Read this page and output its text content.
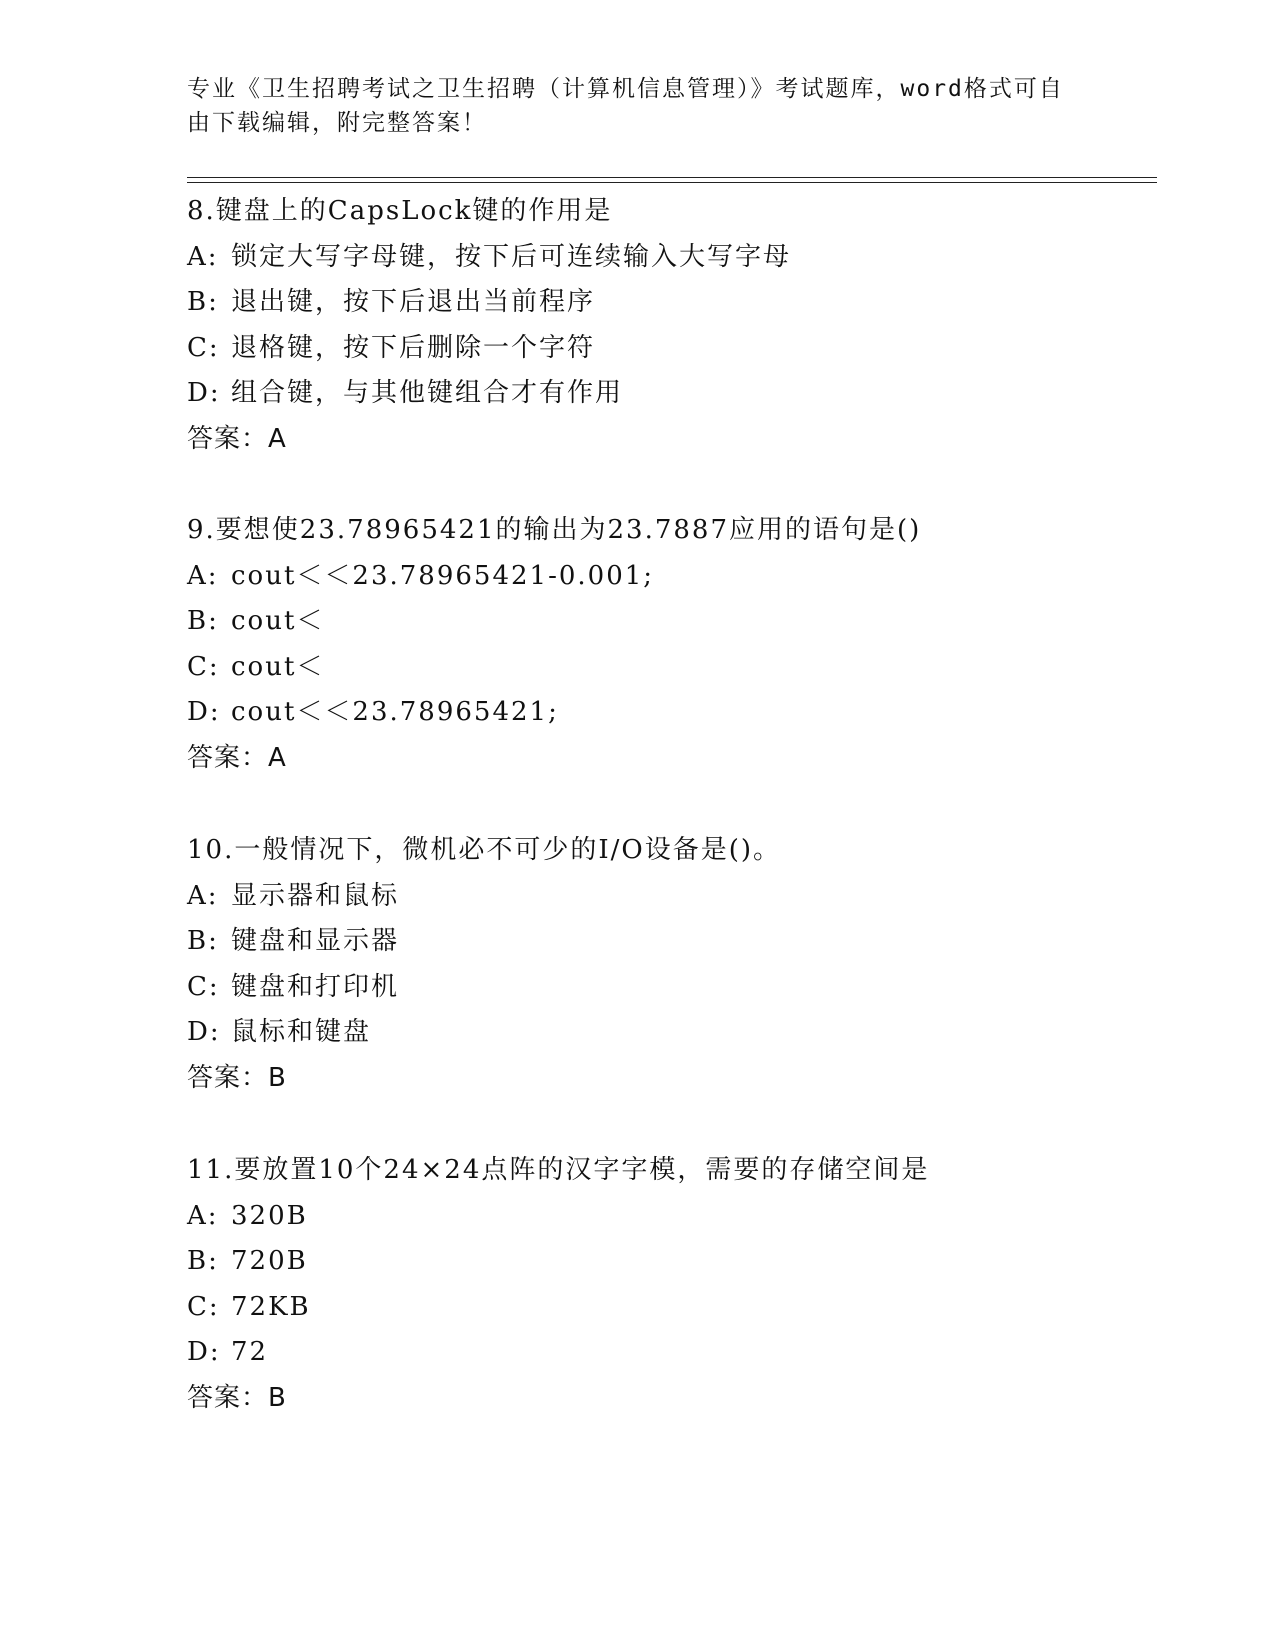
专业《卫生招聘考试之卫生招聘（计算机信息管理）》考试题库，word格式可自
由下载编辑，附完整答案！
8.键盘上的CapsLock键的作用是
A: 锁定大写字母键，按下后可连续输入大写字母
B: 退出键，按下后退出当前程序
C: 退格键，按下后删除一个字符
D: 组合键，与其他键组合才有作用
答案：A
9.要想使23.78965421的输出为23.7887应用的语句是()
A: cout＜＜23.78965421-0.001;
B: cout＜
C: cout＜
D: cout＜＜23.78965421;
答案：A
10.一般情况下，微机必不可少的I/O设备是()。
A: 显示器和鼠标
B: 键盘和显示器
C: 键盘和打印机
D: 鼠标和键盘
答案：B
11.要放置10个24×24点阵的汉字字模，需要的存储空间是
A: 320B
B: 720B
C: 72KB
D: 72
答案：B
